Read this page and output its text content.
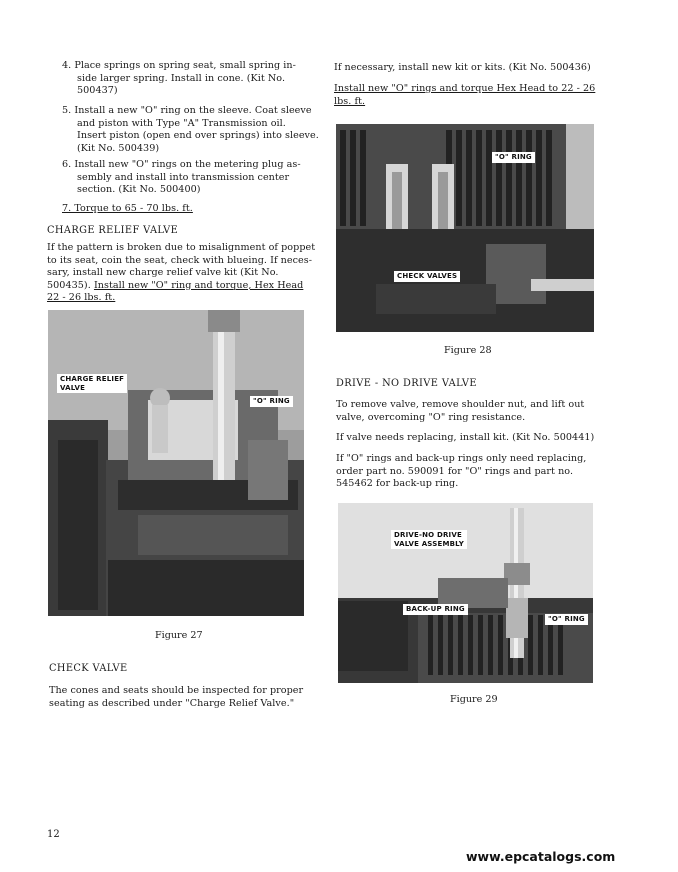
4. Place springs on spring seat, small spring in-

side larger spring. Install in cone. (Kit No.

500437)

5. Install a new "O" ring on the sleeve. Coat sleeve

and piston with Type "A" Transmission oil.

Insert piston (open end over springs) into sleeve.

(Kit No. 500439)

6. Install new "O" rings on the metering plug as-

sembly and install into transmission center

section. (Kit No. 500400)

7. Torque to 65 - 70 lbs. ft.
CHARGE RELIEF VALVE

If the pattern is broken due to misalignment of poppet

to its seat, coin the seat, check with blueing. If neces-

sary, install new charge relief valve kit (Kit No.

500435). Install new "O" ring and torque, Hex Head

22 - 26 lbs. ft.

CHARGE RELIEF
VALVE
"O" RING
Figure 27
CHECK VALVE

The cones and seats should be inspected for proper

seating as described under "Charge Relief Valve."

If necessary, install new kit or kits. (Kit No. 500436)

Install new "O" rings and torque Hex Head to 22 - 26

lbs. ft.

"O" RING
CHECK VALVES
Figure 28
DRIVE - NO DRIVE VALVE

To remove valve, remove shoulder nut, and lift out

valve, overcoming "O" ring resistance.

If valve needs replacing, install kit. (Kit No. 500441)

If "O" rings and back-up rings only need replacing,

order part no. 590091 for "O" rings and part no.

545462 for back-up ring.

DRIVE-NO DRIVE
VALVE ASSEMBLY
BACK-UP RING
"O" RING
Figure 29
12
www.epcatalogs.com
